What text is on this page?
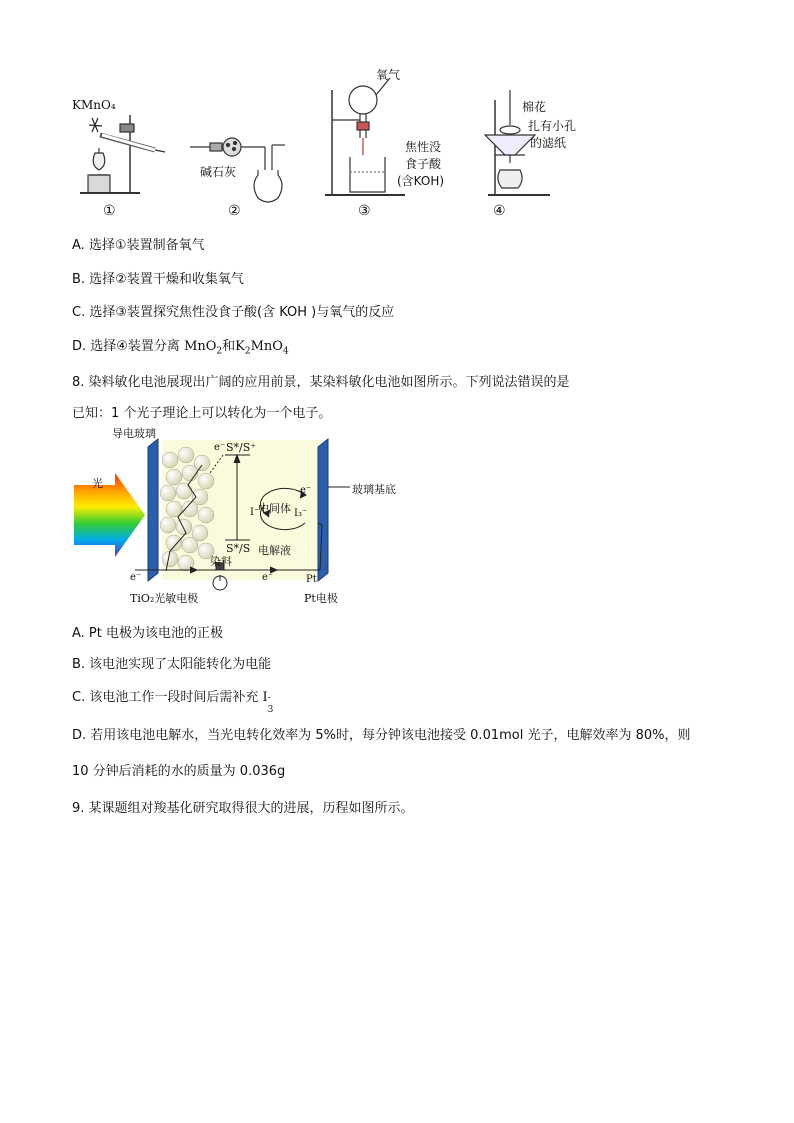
KMnO₄
碱石灰
氧气
焦性没
食子酸
(含KOH)
棉花
扎有小孔
的滤纸
①	②	③	④
A. 选择①装置制备氧气
B. 选择②装置干燥和收集氧气
C. 选择③装置探究焦性没食子酸(含 KOH )与氧气的反应
D. 选择④装置分离 MnO$_2$和$K_2MnO_4$
8. 染料敏化电池展现出广阔的应用前景，某染料敏化电池如图所示。下列说法错误的是
已知：1 个光子理论上可以转化为一个电子。
导电玻璃
光
S*/S⁺
S*/S
染料
中间体
电解液
玻璃基底
TiO₂光敏电极
Pt
Pt电极
e⁻
e⁻
e⁻	e⁻
I⁻	I₃⁻
A. Pt 电极为该电池的正极
B. 该电池实现了太阳能转化为电能
C. 该电池工作一段时间后需补充 I -
3
D. 若用该电池电解水，当光电转化效率为 5%时，每分钟该电池接受 0.01mol 光子，电解效率为 80%，则
10 分钟后消耗的水的质量为 0.036g
9. 某课题组对羧基化研究取得很大的进展，历程如图所示。
